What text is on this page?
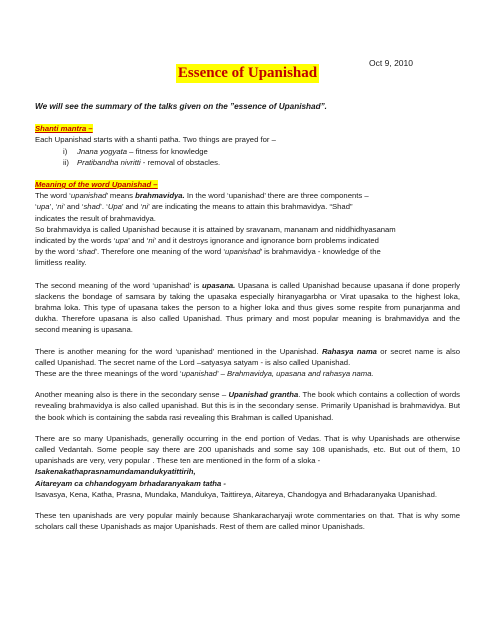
Oct 9, 2010
Essence of Upanishad

We will see the summary of the talks given on the ”essence of Upanishad”.

Shanti mantra –

Each Upanishad starts with a shanti patha. Two things are prayed for –

i) Jnana yogyata – fitness for knowledge

ii) Pratibandha nivritti - removal of obstacles.

Meaning of the word Upanishad –

The word ‘upanishad’ means brahmavidya. In the word ‘upanishad’ there are three components –
‘upa’, ‘ni’ and ‘shad’. ‘Upa’ and ‘ni’ are indicating the means to attain this brahmavidya. “Shad”
indicates the result of brahmavidya.

So brahmavidya is called Upanishad because it is attained by sravanam, mananam and niddhidhyasanam
indicated by the words ‘upa’ and ‘ni’ and it destroys ignorance and ignorance born problems indicated
by the word ‘shad’. Therefore one meaning of the word ‘upanishad’ is brahmavidya - knowledge of the
limitless reality.

The second meaning of the word ‘upanishad’ is upasana. Upasana is called Upanishad because upasana if done properly slackens the bondage of samsara by taking the upasaka especially hiranyagarbha or Virat upasaka to the highest loka, brahma loka. This type of upasana takes the person to a higher loka and thus gives some respite from punarjanma and dukha. Therefore upasana is also called Upanishad. Thus primary and most popular meaning is brahmavidya and the second meaning is upasana.

There is another meaning for the word ‘upanishad’ mentioned in the Upanishad. Rahasya nama or secret name is also called Upanishad. The secret name of the Lord –satyasya satyam - is also called Upanishad.

These are the three meanings of the word ‘upanishad’ – Brahmavidya, upasana and rahasya nama.

Another meaning also is there in the secondary sense – Upanishad grantha. The book which contains a collection of words revealing brahmavidya is also called upanishad. But this is in the secondary sense. Primarily Upanishad is brahmavidya. But the book which is containing the sabda rasi revealing this Brahman is called Upanishad.

There are so many Upanishads, generally occurring in the end portion of Vedas. That is why Upanishads are otherwise called Vedantah. Some people say there are 200 upanishads and some say 108 upanishads, etc. But out of them, 10 upanishads are very, very popular . These ten are mentioned in the form of a sloka -

Isakenakathaprasnamundamandukyatittirih,

Aitareyam ca chhandogyam brhadaranyakam tatha -

Isavasya, Kena, Katha, Prasna, Mundaka, Mandukya, Taittireya, Aitareya, Chandogya and Brhadaranyaka Upanishad.

These ten upanishads are very popular mainly because Shankaracharyaji wrote commentaries on that. That is why some scholars call these Upanishads as major Upanishads. Rest of them are called minor Upanishads.
